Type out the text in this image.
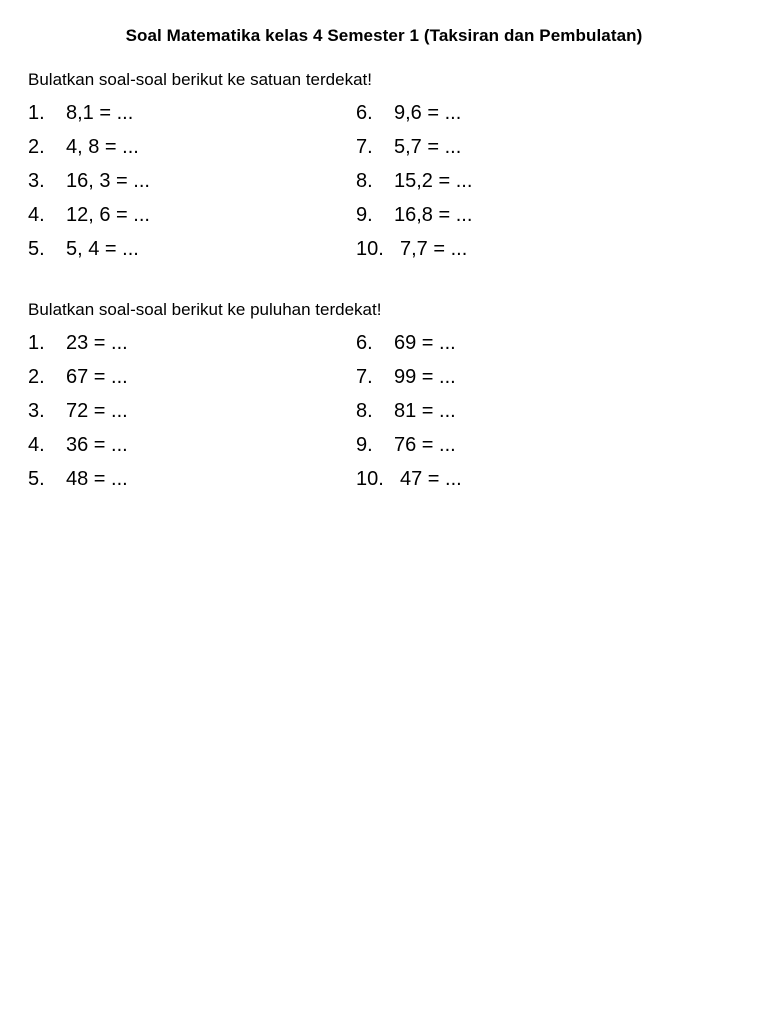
Soal Matematika kelas 4 Semester 1 (Taksiran dan Pembulatan)
Bulatkan soal-soal berikut ke satuan terdekat!
1.	8,1 = ...	6.	9,6 = ...
2.	4, 8 = ...	7.	5,7 = ...
3.	16, 3 = ...	8.	15,2 = ...
4.	12, 6 = ...	9.	16,8 = ...
5.	5, 4 = ...	10. 7,7 = ...
Bulatkan soal-soal berikut ke puluhan terdekat!
1.	23 = ...	6.	69 = ...
2.	67 = ...	7.	99 = ...
3.	72 = ...	8.	81 = ...
4.	36 = ...	9.	76 = ...
5.	48 = ...	10. 47 = ...
